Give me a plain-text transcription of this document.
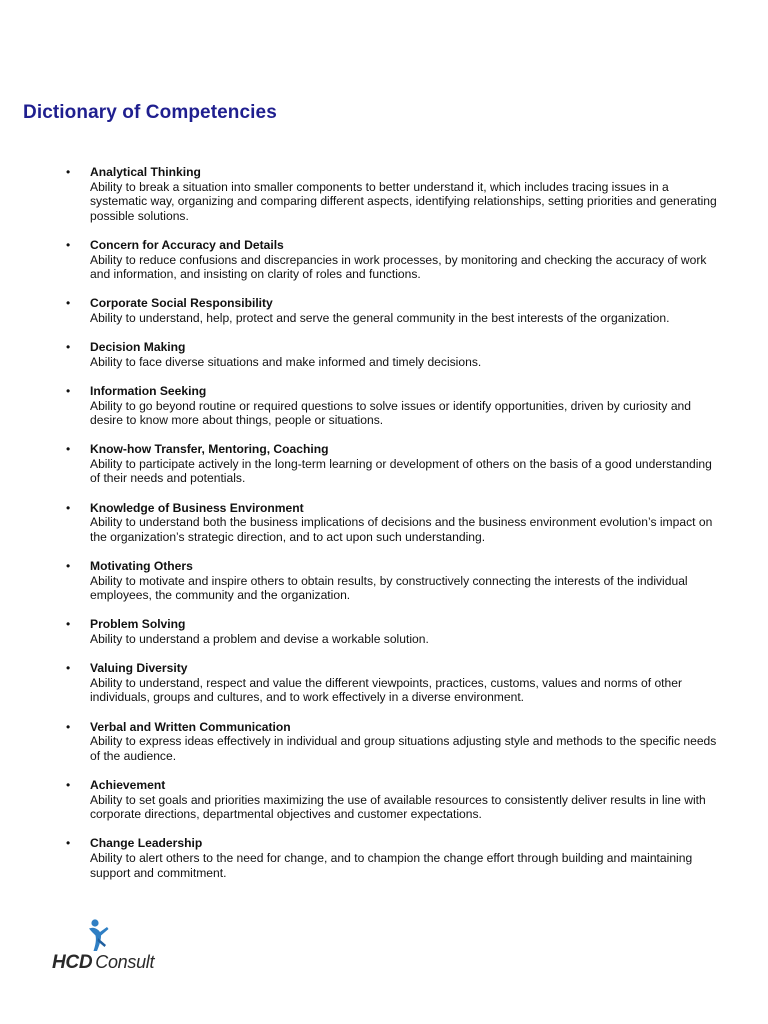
Dictionary of Competencies
• Analytical Thinking
Ability to break a situation into smaller components to better understand it, which includes tracing issues in a systematic way, organizing and comparing different aspects, identifying relationships, setting priorities and generating possible solutions.
• Concern for Accuracy and Details
Ability to reduce confusions and discrepancies in work processes, by monitoring and checking the accuracy of work and information, and insisting on clarity of roles and functions.
• Corporate Social Responsibility
Ability to understand, help, protect and serve the general community in the best interests of the organization.
• Decision Making
Ability to face diverse situations and make informed and timely decisions.
• Information Seeking
Ability to go beyond routine or required questions to solve issues or identify opportunities, driven by curiosity and desire to know more about things, people or situations.
• Know-how Transfer, Mentoring, Coaching
Ability to participate actively in the long-term learning or development of others on the basis of a good understanding of their needs and potentials.
• Knowledge of Business Environment
Ability to understand both the business implications of decisions and the business environment evolution’s impact on the organization’s strategic direction, and to act upon such understanding.
• Motivating Others
Ability to motivate and inspire others to obtain results, by constructively connecting the interests of the individual employees, the community and the organization.
• Problem Solving
Ability to understand a problem and devise a workable solution.
• Valuing Diversity
Ability to understand, respect and value the different viewpoints, practices, customs, values and norms of other individuals, groups and cultures, and to work effectively in a diverse environment.
• Verbal and Written Communication
Ability to express ideas effectively in individual and group situations adjusting style and methods to the specific needs of the audience.
• Achievement
Ability to set goals and priorities maximizing the use of available resources to consistently deliver results in line with corporate directions, departmental objectives and customer expectations.
• Change Leadership
Ability to alert others to the need for change, and to champion the change effort through building and maintaining support and commitment.
HCD Consult
